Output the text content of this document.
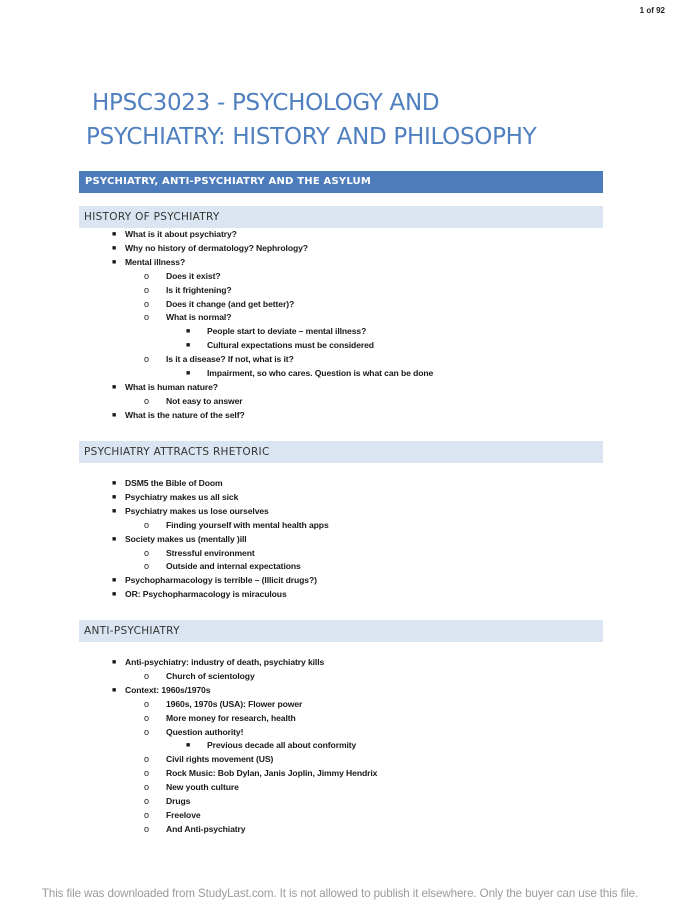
1 of 92
HPSC3023 - PSYCHOLOGY AND
PSYCHIATRY: HISTORY AND PHILOSOPHY
PSYCHIATRY, ANTI-PSYCHIATRY AND THE ASYLUM
HISTORY OF PSYCHIATRY
■ What is it about psychiatry?
■ Why no history of dermatology? Nephrology?
■ Mental illness?
o Does it exist?
o Is it frightening?
o Does it change (and get better)?
o What is normal?
■ People start to deviate – mental illness?
■ Cultural expectations must be considered
o Is it a disease? If not, what is it?
■ Impairment, so who cares. Question is what can be done
■ What is human nature?
o Not easy to answer
■ What is the nature of the self?
PSYCHIATRY ATTRACTS RHETORIC
■ DSM5 the Bible of Doom
■ Psychiatry makes us all sick
■ Psychiatry makes us lose ourselves
o Finding yourself with mental health apps
■ Society makes us (mentally )ill
o Stressful environment
o Outside and internal expectations
■ Psychopharmacology is terrible – (Illicit drugs?)
■ OR: Psychopharmacology is miraculous
ANTI-PSYCHIATRY
■ Anti-psychiatry: industry of death, psychiatry kills
o Church of scientology
■ Context: 1960s/1970s
o 1960s, 1970s (USA): Flower power
o More money for research, health
o Question authority!
■ Previous decade all about conformity
o Civil rights movement (US)
o Rock Music: Bob Dylan, Janis Joplin, Jimmy Hendrix
o New youth culture
o Drugs
o Freelove
o And Anti-psychiatry
This file was downloaded from StudyLast.com. It is not allowed to publish it elsewhere. Only the buyer can use this file.
